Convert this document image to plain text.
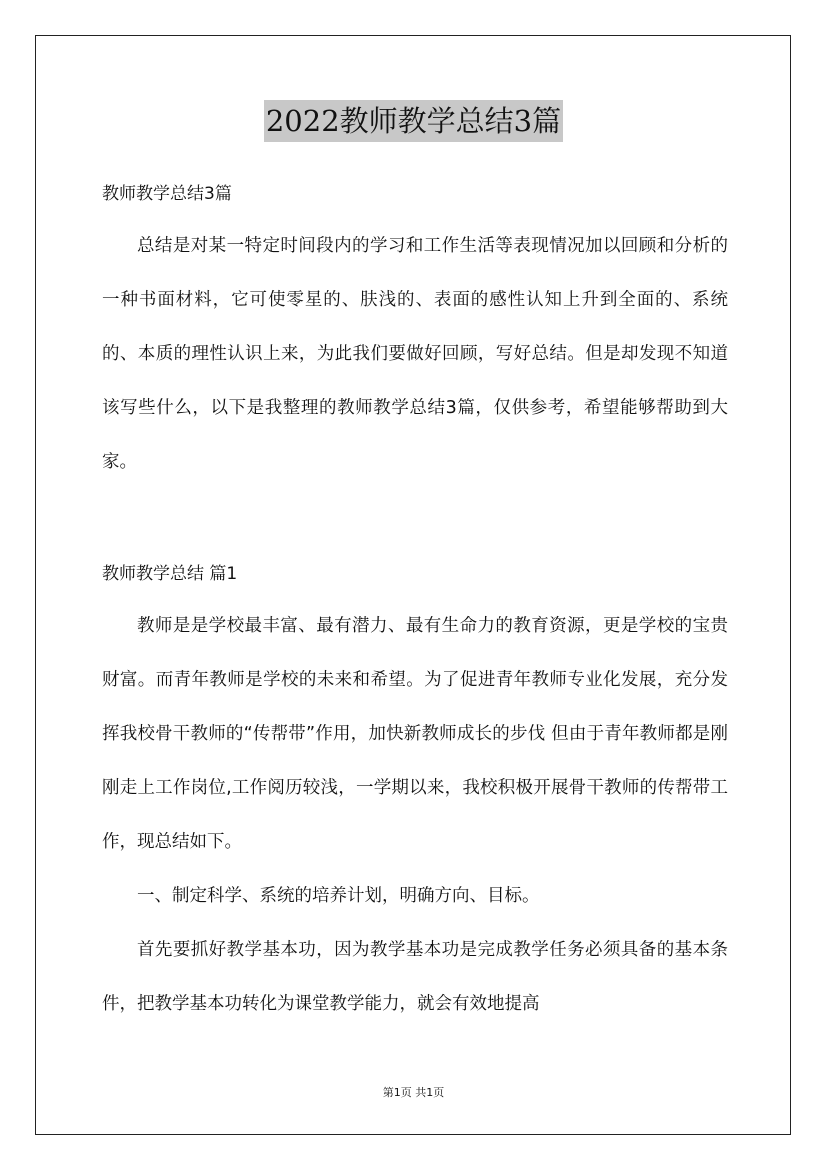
2022教师教学总结3篇
教师教学总结3篇

总结是对某一特定时间段内的学习和工作生活等表现情况加以回顾和分析的一种书面材料，它可使零星的、肤浅的、表面的感性认知上升到全面的、系统的、本质的理性认识上来，为此我们要做好回顾，写好总结。但是却发现不知道该写些什么，以下是我整理的教师教学总结3篇，仅供参考，希望能够帮助到大家。

教师教学总结 篇1

教师是是学校最丰富、最有潜力、最有生命力的教育资源，更是学校的宝贵财富。而青年教师是学校的未来和希望。为了促进青年教师专业化发展，充分发挥我校骨干教师的“传帮带”作用，加快新教师成长的步伐 但由于青年教师都是刚刚走上工作岗位,工作阅历较浅，一学期以来，我校积极开展骨干教师的传帮带工作，现总结如下。

一、制定科学、系统的培养计划，明确方向、目标。

首先要抓好教学基本功，因为教学基本功是完成教学任务必须具备的基本条件，把教学基本功转化为课堂教学能力，就会有效地提高

第1页 共1页
